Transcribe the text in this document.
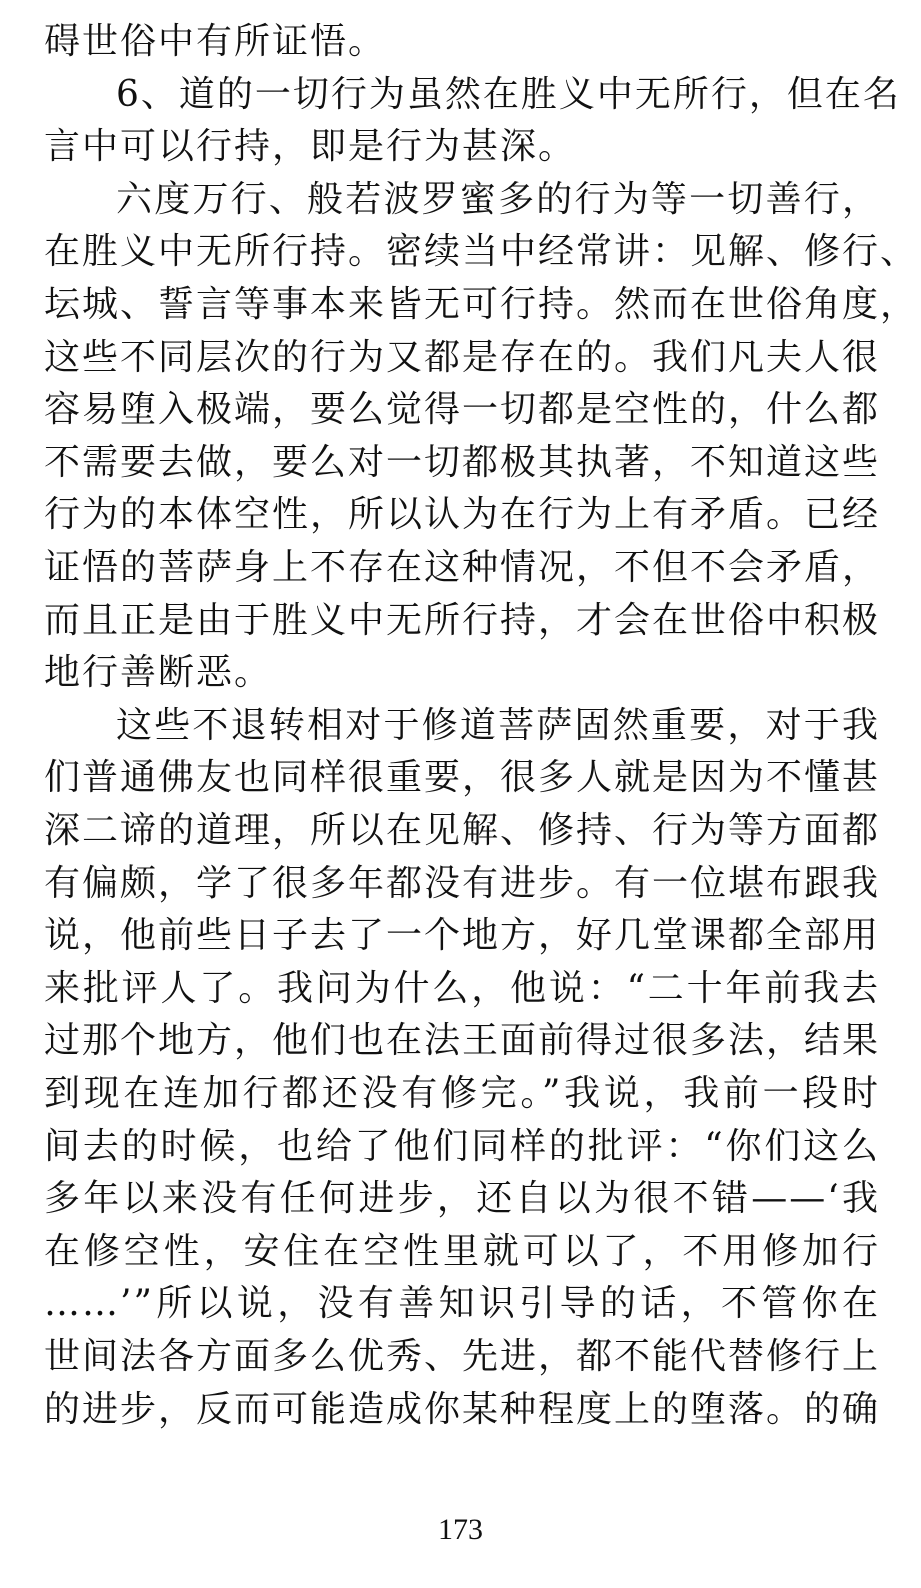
碍世俗中有所证悟。
6、道的一切行为虽然在胜义中无所行，但在名
言中可以行持，即是行为甚深。
六度万行、般若波罗蜜多的行为等一切善行，
在胜义中无所行持。密续当中经常讲：见解、修行、
坛城、誓言等事本来皆无可行持。然而在世俗角度，
这些不同层次的行为又都是存在的。我们凡夫人很
容易堕入极端，要么觉得一切都是空性的，什么都
不需要去做，要么对一切都极其执著，不知道这些
行为的本体空性，所以认为在行为上有矛盾。已经
证悟的菩萨身上不存在这种情况，不但不会矛盾，
而且正是由于胜义中无所行持，才会在世俗中积极
地行善断恶。
这些不退转相对于修道菩萨固然重要，对于我
们普通佛友也同样很重要，很多人就是因为不懂甚
深二谛的道理，所以在见解、修持、行为等方面都
有偏颇，学了很多年都没有进步。有一位堪布跟我
说，他前些日子去了一个地方，好几堂课都全部用
来批评人了。我问为什么，他说：“二十年前我去
过那个地方，他们也在法王面前得过很多法，结果
到现在连加行都还没有修完。”我说，我前一段时
间去的时候，也给了他们同样的批评：“你们这么
多年以来没有任何进步，还自以为很不错——‘我
在修空性，安住在空性里就可以了，不用修加行
……’”所以说，没有善知识引导的话，不管你在
世间法各方面多么优秀、先进，都不能代替修行上
的进步，反而可能造成你某种程度上的堕落。的确
173
